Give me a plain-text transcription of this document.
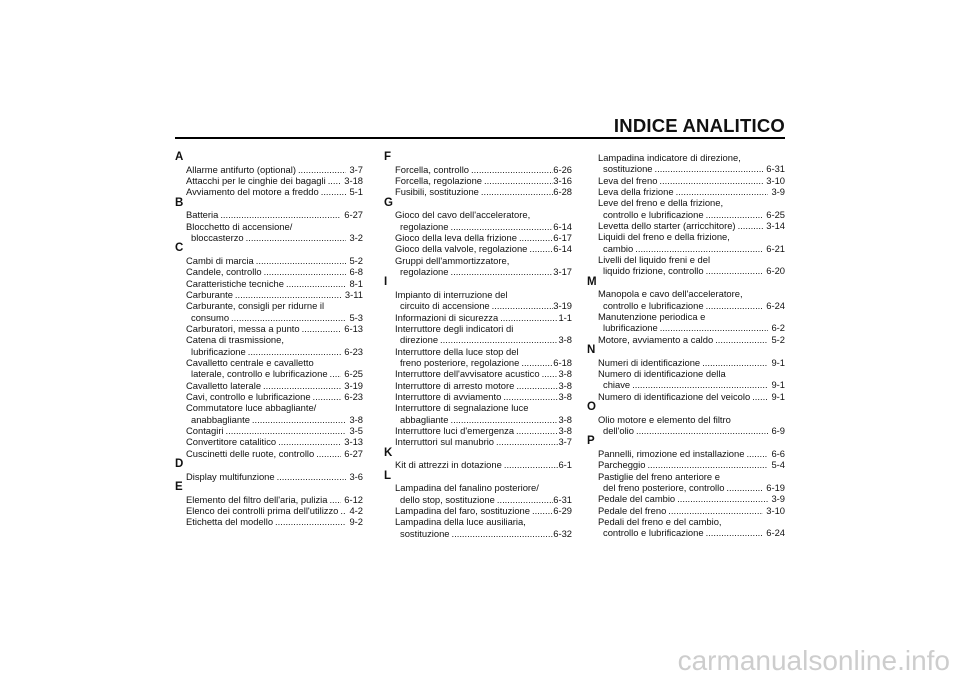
INDICE ANALITICO
A
Allarme antifurto (optional) .....	3-7
Attacchi per le cinghie dei bagagli ..... 3-18
Avviamento del motore a freddo .....	5-1
B
Batteria .....	6-27
Blocchetto di accensione/
bloccasterzo .....	3-2
C
Cambi di marcia .....	5-2
Candele, controllo .....	6-8
Caratteristiche tecniche .....	8-1
Carburante .....	3-11
Carburante, consigli per ridurne il
consumo .....	5-3
Carburatori, messa a punto .....	6-13
Catena di trasmissione,
lubrificazione .....	6-23
Cavalletto centrale e cavalletto
laterale, controllo e lubrificazione ..... 6-25
Cavalletto laterale .....	3-19
Cavi, controllo e lubrificazione .....	6-23
Commutatore luce abbagliante/
anabbagliante .....	3-8
Contagiri .....	3-5
Convertitore catalitico .....	3-13
Cuscinetti delle ruote, controllo .....	6-27
D
Display multifunzione .....	3-6
E
Elemento del filtro dell'aria, pulizia ..... 6-12
Elenco dei controlli prima dell'utilizzo ..... 4-2
Etichetta del modello .....	9-2
F
Forcella, controllo .....	6-26
Forcella, regolazione .....	3-16
Fusibili, sostituzione .....	6-28
G
Gioco del cavo dell'acceleratore,
regolazione .....	6-14
Gioco della leva della frizione .....	6-17
Gioco della valvole, regolazione .....	6-14
Gruppi dell'ammortizzatore,
regolazione .....	3-17
I
Impianto di interruzione del
circuito di accensione .....	3-19
Informazioni di sicurezza .....	1-1
Interruttore degli indicatori di
direzione .....	3-8
Interruttore della luce stop del
freno posteriore, regolazione .....	6-18
Interruttore dell'avvisatore acustico ..... 3-8
Interruttore di arresto motore .....	3-8
Interruttore di avviamento .....	3-8
Interruttore di segnalazione luce
abbagliante .....	3-8
Interruttore luci d'emergenza .....	3-8
Interruttori sul manubrio .....	3-7
K
Kit di attrezzi in dotazione .....	6-1
L
Lampadina del fanalino posteriore/
dello stop, sostituzione .....	6-31
Lampadina del faro, sostituzione ..... 6-29
Lampadina della luce ausiliaria,
sostituzione .....	6-32
Lampadina indicatore di direzione,
sostituzione .....	6-31
Leva del freno .....	3-10
Leva della frizione .....	3-9
Leve del freno e della frizione,
controllo e lubrificazione .....	6-25
Levetta dello starter (arricchitore) .....	3-14
Liquidi del freno e della frizione,
cambio .....	6-21
Livelli del liquido freni e del
liquido frizione, controllo .....	6-20
M
Manopola e cavo dell'acceleratore,
controllo e lubrificazione .....	6-24
Manutenzione periodica e
lubrificazione .....	6-2
Motore, avviamento a caldo .....	5-2
N
Numeri di identificazione .....	9-1
Numero di identificazione della
chiave .....	9-1
Numero di identificazione del veicolo ..... 9-1
O
Olio motore e elemento del filtro
dell'olio .....	6-9
P
Pannelli, rimozione ed installazione .....	6-6
Parcheggio .....	5-4
Pastiglie del freno anteriore e
del freno posteriore, controllo .....	6-19
Pedale del cambio .....	3-9
Pedale del freno .....	3-10
Pedali del freno e del cambio,
controllo e lubrificazione .....	6-24
carmanualsonline.info
